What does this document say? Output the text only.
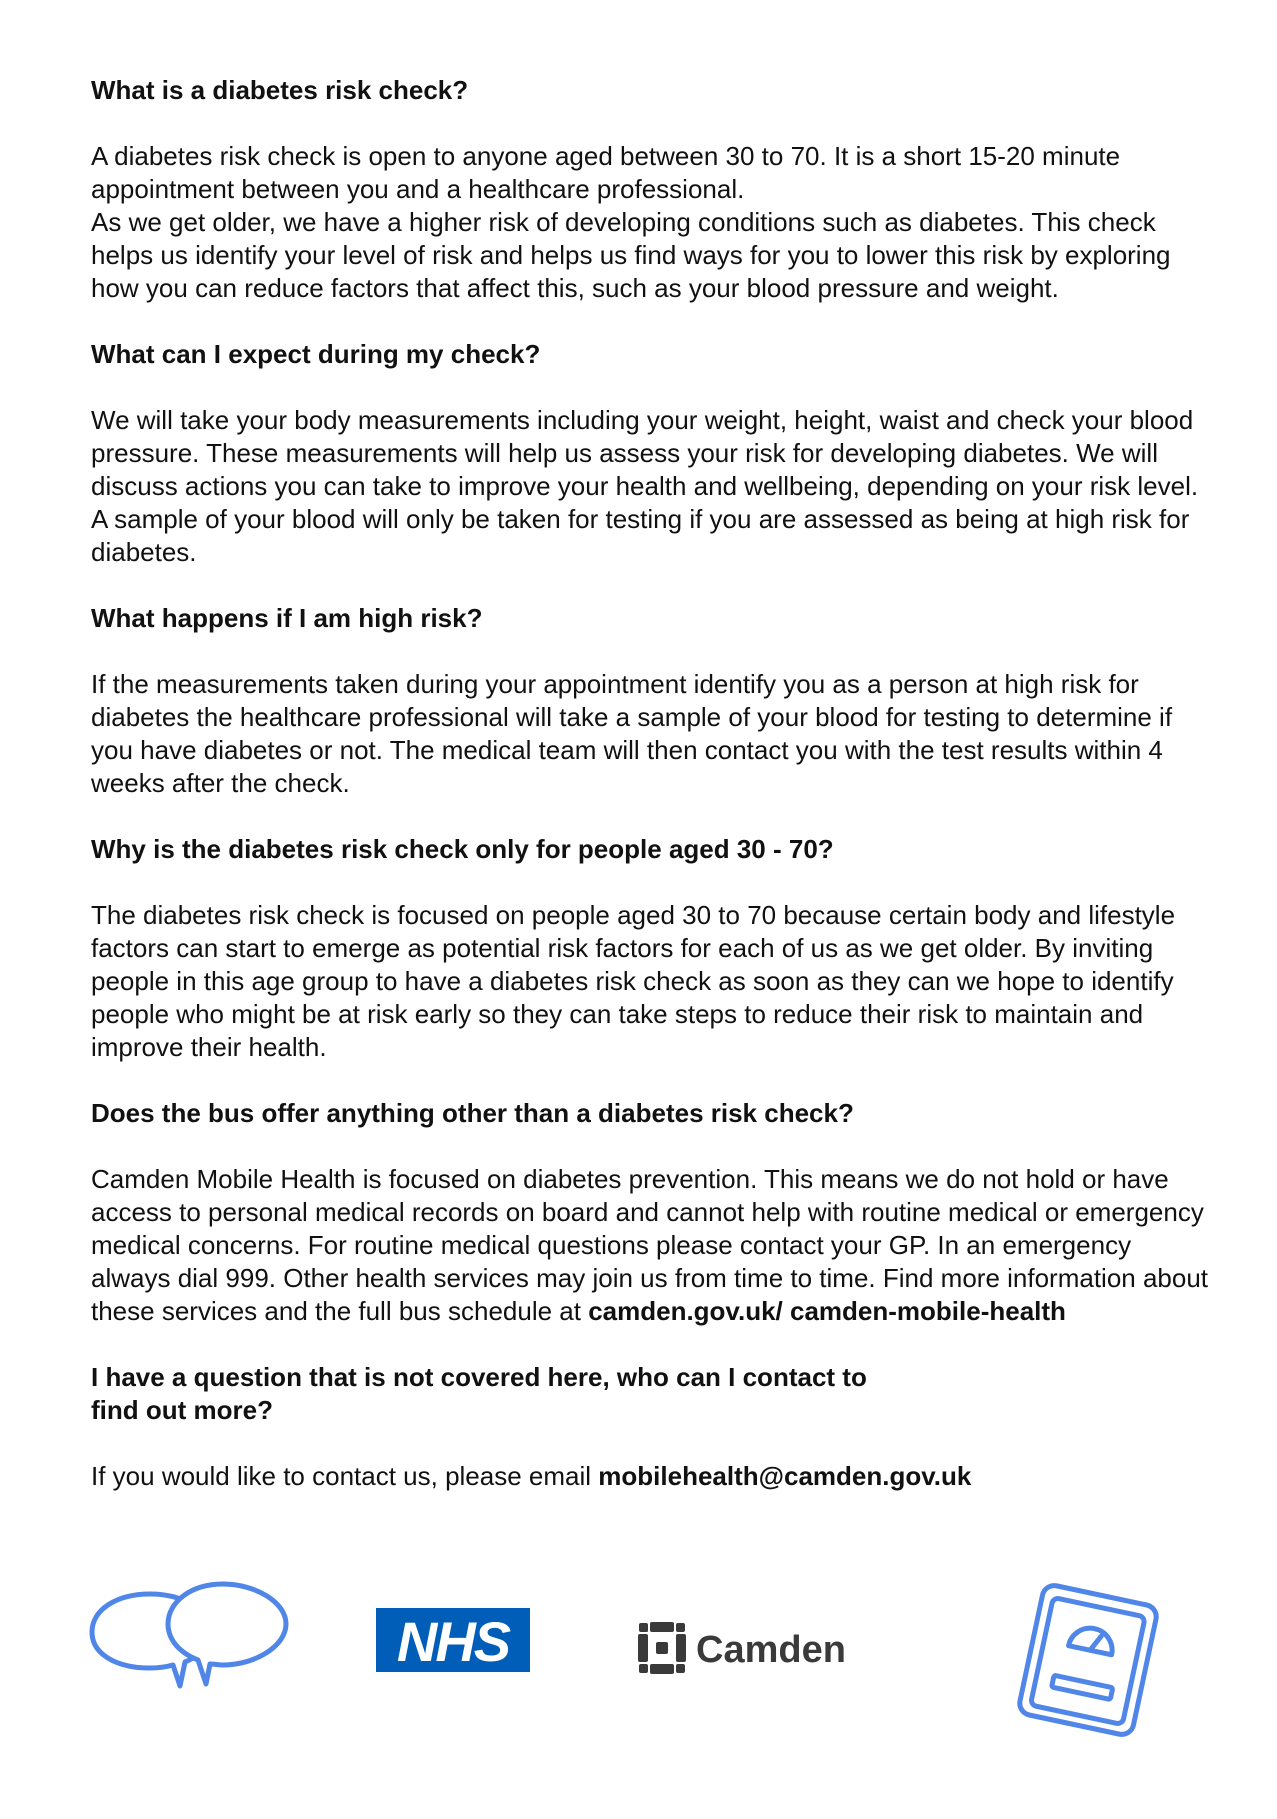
What is a diabetes risk check?

A diabetes risk check is open to anyone aged between 30 to 70. It is a short 15-20 minute appointment between you and a healthcare professional.
As we get older, we have a higher risk of developing conditions such as diabetes. This check helps us identify your level of risk and helps us find ways for you to lower this risk by exploring how you can reduce factors that affect this, such as your blood pressure and weight.

What can I expect during my check?

We will take your body measurements including your weight, height, waist and check your blood pressure. These measurements will help us assess your risk for developing diabetes. We will discuss actions you can take to improve your health and wellbeing, depending on your risk level. A sample of your blood will only be taken for testing if you are assessed as being at high risk for diabetes.

What happens if I am high risk?

If the measurements taken during your appointment identify you as a person at high risk for diabetes the healthcare professional will take a sample of your blood for testing to determine if you have diabetes or not. The medical team will then contact you with the test results within 4 weeks after the check.

Why is the diabetes risk check only for people aged 30 - 70?

The diabetes risk check is focused on people aged 30 to 70 because certain body and lifestyle factors can start to emerge as potential risk factors for each of us as we get older. By inviting people in this age group to have a diabetes risk check as soon as they can we hope to identify people who might be at risk early so they can take steps to reduce their risk to maintain and improve their health.

Does the bus offer anything other than a diabetes risk check?

Camden Mobile Health is focused on diabetes prevention. This means we do not hold or have access to personal medical records on board and cannot help with routine medical or emergency medical concerns. For routine medical questions please contact your GP. In an emergency always dial 999. Other health services may join us from time to time. Find more information about these services and the full bus schedule at camden.gov.uk/ camden-mobile-health

I have a question that is not covered here, who can I contact to find out more?

If you would like to contact us, please email mobilehealth@camden.gov.uk

NHS	Camden
